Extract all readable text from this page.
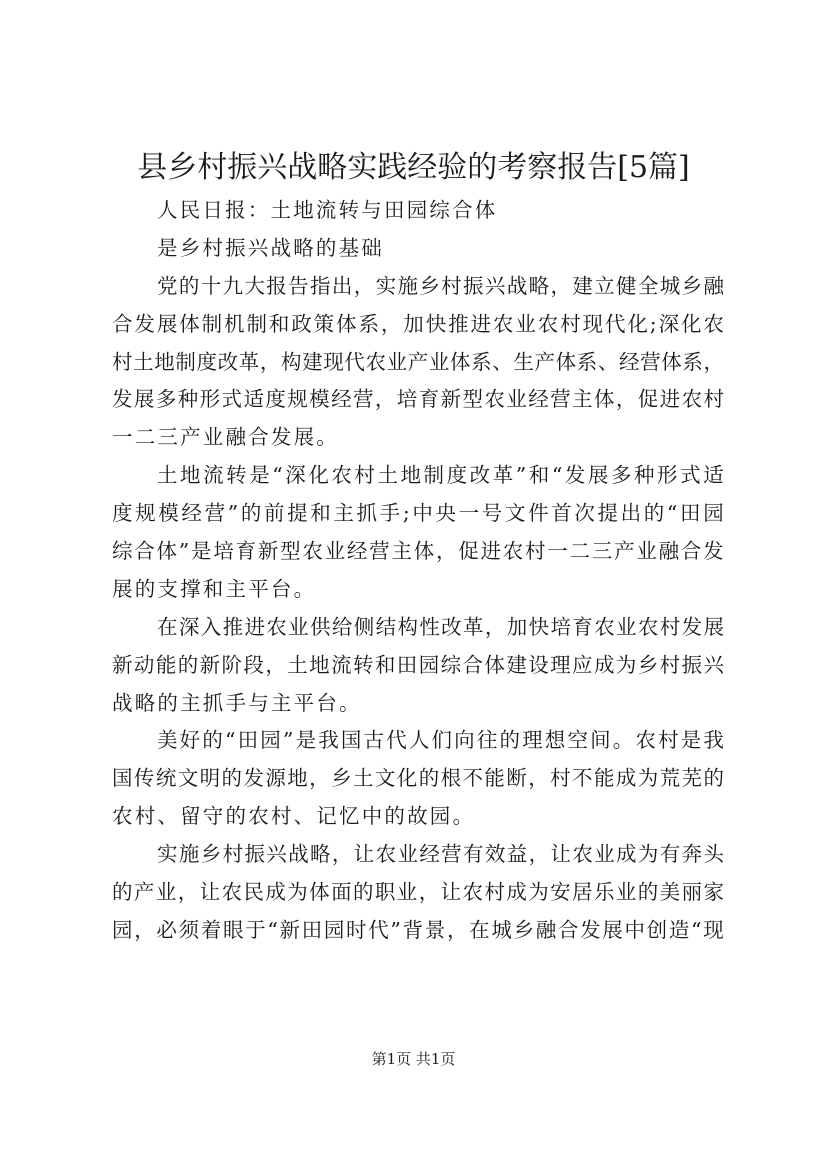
县乡村振兴战略实践经验的考察报告[5篇]
人民日报：土地流转与田园综合体
是乡村振兴战略的基础
党 的 十 九 大 报 告 指 出 ， 实 施 乡 村 振 兴 战 略 ， 建 立 健 全 城 乡 融
合 发 展 体 制 机 制 和 政 策 体 系 ， 加 快 推 进 农 业 农 村 现 代 化 ; 深 化 农
村 土 地 制 度 改 革 ， 构 建 现 代 农 业 产 业 体 系 、 生 产 体 系 、 经 营 体 系 ，
发 展 多 种 形 式 适 度 规 模 经 营 ， 培 育 新 型 农 业 经 营 主 体 ， 促 进 农 村
一二三产业融合发展。
土 地 流 转 是 “ 深 化 农 村 土 地 制 度 改 革 ” 和 “ 发 展 多 种 形 式 适
度 规 模 经 营 ” 的 前 提 和 主 抓 手 ; 中 央 一 号 文 件 首 次 提 出 的 “ 田 园
综 合 体 ” 是 培 育 新 型 农 业 经 营 主 体 ， 促 进 农 村 一 二 三 产 业 融 合 发
展的支撑和主平台。
在 深 入 推 进 农 业 供 给 侧 结 构 性 改 革 ， 加 快 培 育 农 业 农 村 发 展
新 动 能 的 新 阶 段 ， 土 地 流 转 和 田 园 综 合 体 建 设 理 应 成 为 乡 村 振 兴
战略的主抓手与主平台。
美 好 的 “ 田 园 ” 是 我 国 古 代 人 们 向 往 的 理 想 空 间 。 农 村 是 我
国 传 统 文 明 的 发 源 地 ， 乡 土 文 化 的 根 不 能 断 ， 村 不 能 成 为 荒 芜 的
农村、留守的农村、记忆中的故园。
实 施 乡 村 振 兴 战 略 ， 让 农 业 经 营 有 效 益 ， 让 农 业 成 为 有 奔 头
的 产 业 ， 让 农 民 成 为 体 面 的 职 业 ， 让 农 村 成 为 安 居 乐 业 的 美 丽 家
园 ， 必 须 着 眼 于 “ 新 田 园 时 代 ” 背 景 ， 在 城 乡 融 合 发 展 中 创 造 “ 现
第1页 共1页
